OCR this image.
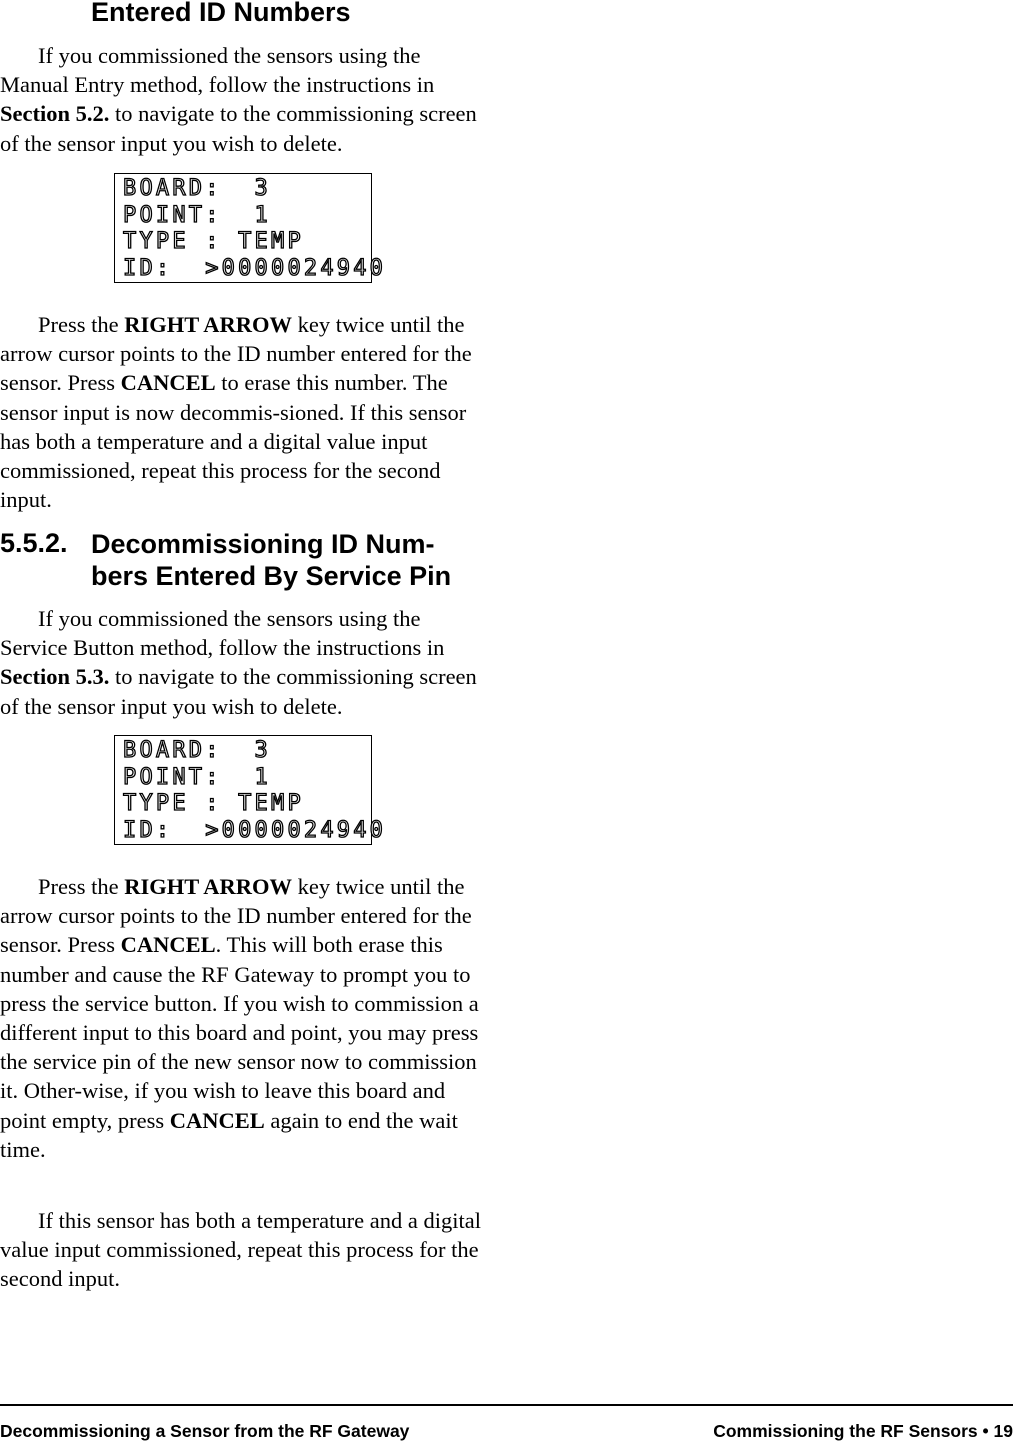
Entered ID Numbers

If you commissioned the sensors using the Manual Entry method, follow the instructions in Section 5.2. to navigate to the commissioning screen of the sensor input you wish to delete.

BOARD:  3
POINT:  1
TYPE : TEMP
ID:  >0000024940

Press the RIGHT ARROW key twice until the arrow cursor points to the ID number entered for the sensor. Press CANCEL to erase this number. The sensor input is now decommis-sioned. If this sensor has both a temperature and a digital value input commissioned, repeat this process for the second input.

5.5.2. Decommissioning ID Num-bers Entered By Service Pin

If you commissioned the sensors using the Service Button method, follow the instructions in Section 5.3. to navigate to the commissioning screen of the sensor input you wish to delete.

BOARD:  3
POINT:  1
TYPE : TEMP
ID:  >0000024940

Press the RIGHT ARROW key twice until the arrow cursor points to the ID number entered for the sensor. Press CANCEL. This will both erase this number and cause the RF Gateway to prompt you to press the service button. If you wish to commission a different input to this board and point, you may press the service pin of the new sensor now to commission it. Other-wise, if you wish to leave this board and point empty, press CANCEL again to end the wait time.

If this sensor has both a temperature and a digital value input commissioned, repeat this process for the second input.

Decommissioning a Sensor from the RF Gateway	Commissioning the RF Sensors • 19
